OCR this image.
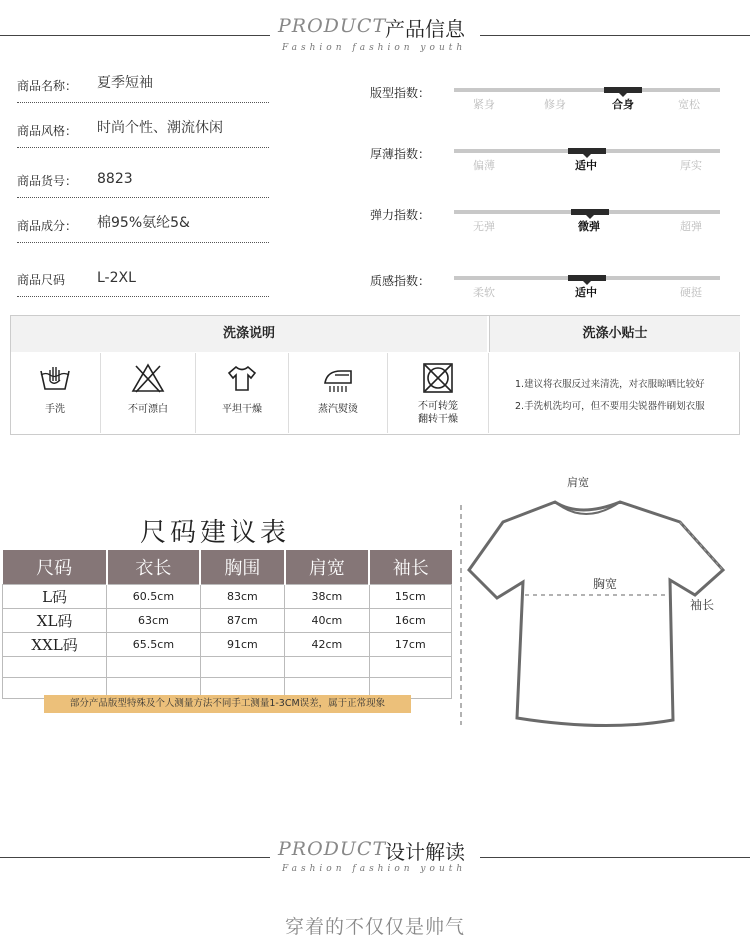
PRODUCT
产品信息
Fashion fashion youth
商品名称： 夏季短袖
商品风格： 时尚个性、潮流休闲
商品货号： 8823
商品成分： 棉95%氨纶5&
商品尺码 L-2XL
版型指数：
紧身	修身	合身	宽松
厚薄指数：
偏薄	适中	厚实
弹力指数：
无弹	微弹	超弹
质感指数：
柔软	适中	硬挺
洗涤说明	洗涤小贴士
手洗	不可漂白	平坦干燥	蒸汽熨烫	不可转笼
翻转干燥
1.建议将衣服反过来清洗，对衣服晾晒比较好
2.手洗机洗均可，但不要用尖锐器件刷划衣服
尺码建议表
尺码	衣长	胸围	肩宽	袖长
L码	60.5cm	83cm	38cm	15cm
XL码	63cm	87cm	40cm	16cm
XXL码	65.5cm	91cm	42cm	17cm

部分产品版型特殊及个人测量方法不同手工测量1-3CM误差，属于正常现象
肩宽
胸宽
袖长
PRODUCT
设计解读
Fashion fashion youth
穿着的不仅仅是帅气
